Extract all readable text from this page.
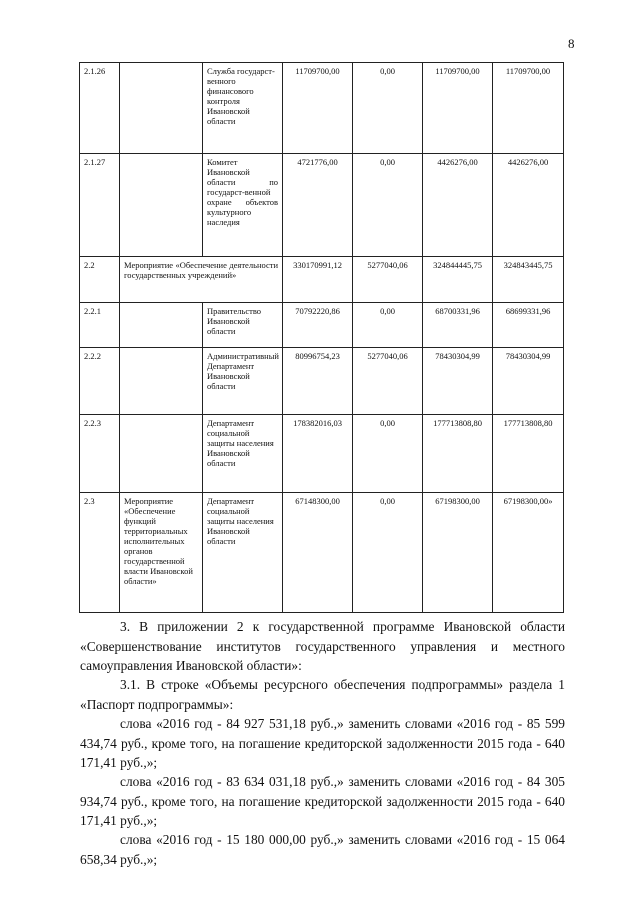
8
2.1.26		Служба государст-венного финансового контроля Ивановской области	11709700,00	0,00	11709700,00	11709700,00
2.1.27		Комитет Ивановской области по государст-венной охране объектов культурного наследия	4721776,00	0,00	4426276,00	4426276,00
2.2	Мероприятие «Обеспечение деятельности государственных учреждений»		330170991,12	5277040,06	324844445,75	324843445,75
2.2.1		Правительство Ивановской области	70792220,86	0,00	68700331,96	68699331,96
2.2.2		Административный Департамент Ивановской области	80996754,23	5277040,06	78430304,99	78430304,99
2.2.3		Департамент социальной защиты населения Ивановской области	178382016,03	0,00	177713808,80	177713808,80
2.3	Мероприятие «Обеспечение функций территориальных исполнительных органов государственной власти Ивановской области»	Департамент социальной защиты населения Ивановской области	67148300,00	0,00	67198300,00	67198300,00»
3. В приложении 2 к государственной программе Ивановской области «Совершенствование институтов государственного управления и местного самоуправления Ивановской области»:
3.1. В строке «Объемы ресурсного обеспечения подпрограммы» раздела 1 «Паспорт подпрограммы»:
слова «2016 год - 84 927 531,18 руб.,» заменить словами «2016 год - 85 599 434,74 руб., кроме того, на погашение кредиторской задолженности 2015 года - 640 171,41 руб.,»;
слова «2016 год - 83 634 031,18 руб.,» заменить словами «2016 год - 84 305 934,74 руб., кроме того, на погашение кредиторской задолженности 2015 года - 640 171,41 руб.,»;
слова «2016 год - 15 180 000,00 руб.,» заменить словами «2016 год - 15 064 658,34 руб.,»;
